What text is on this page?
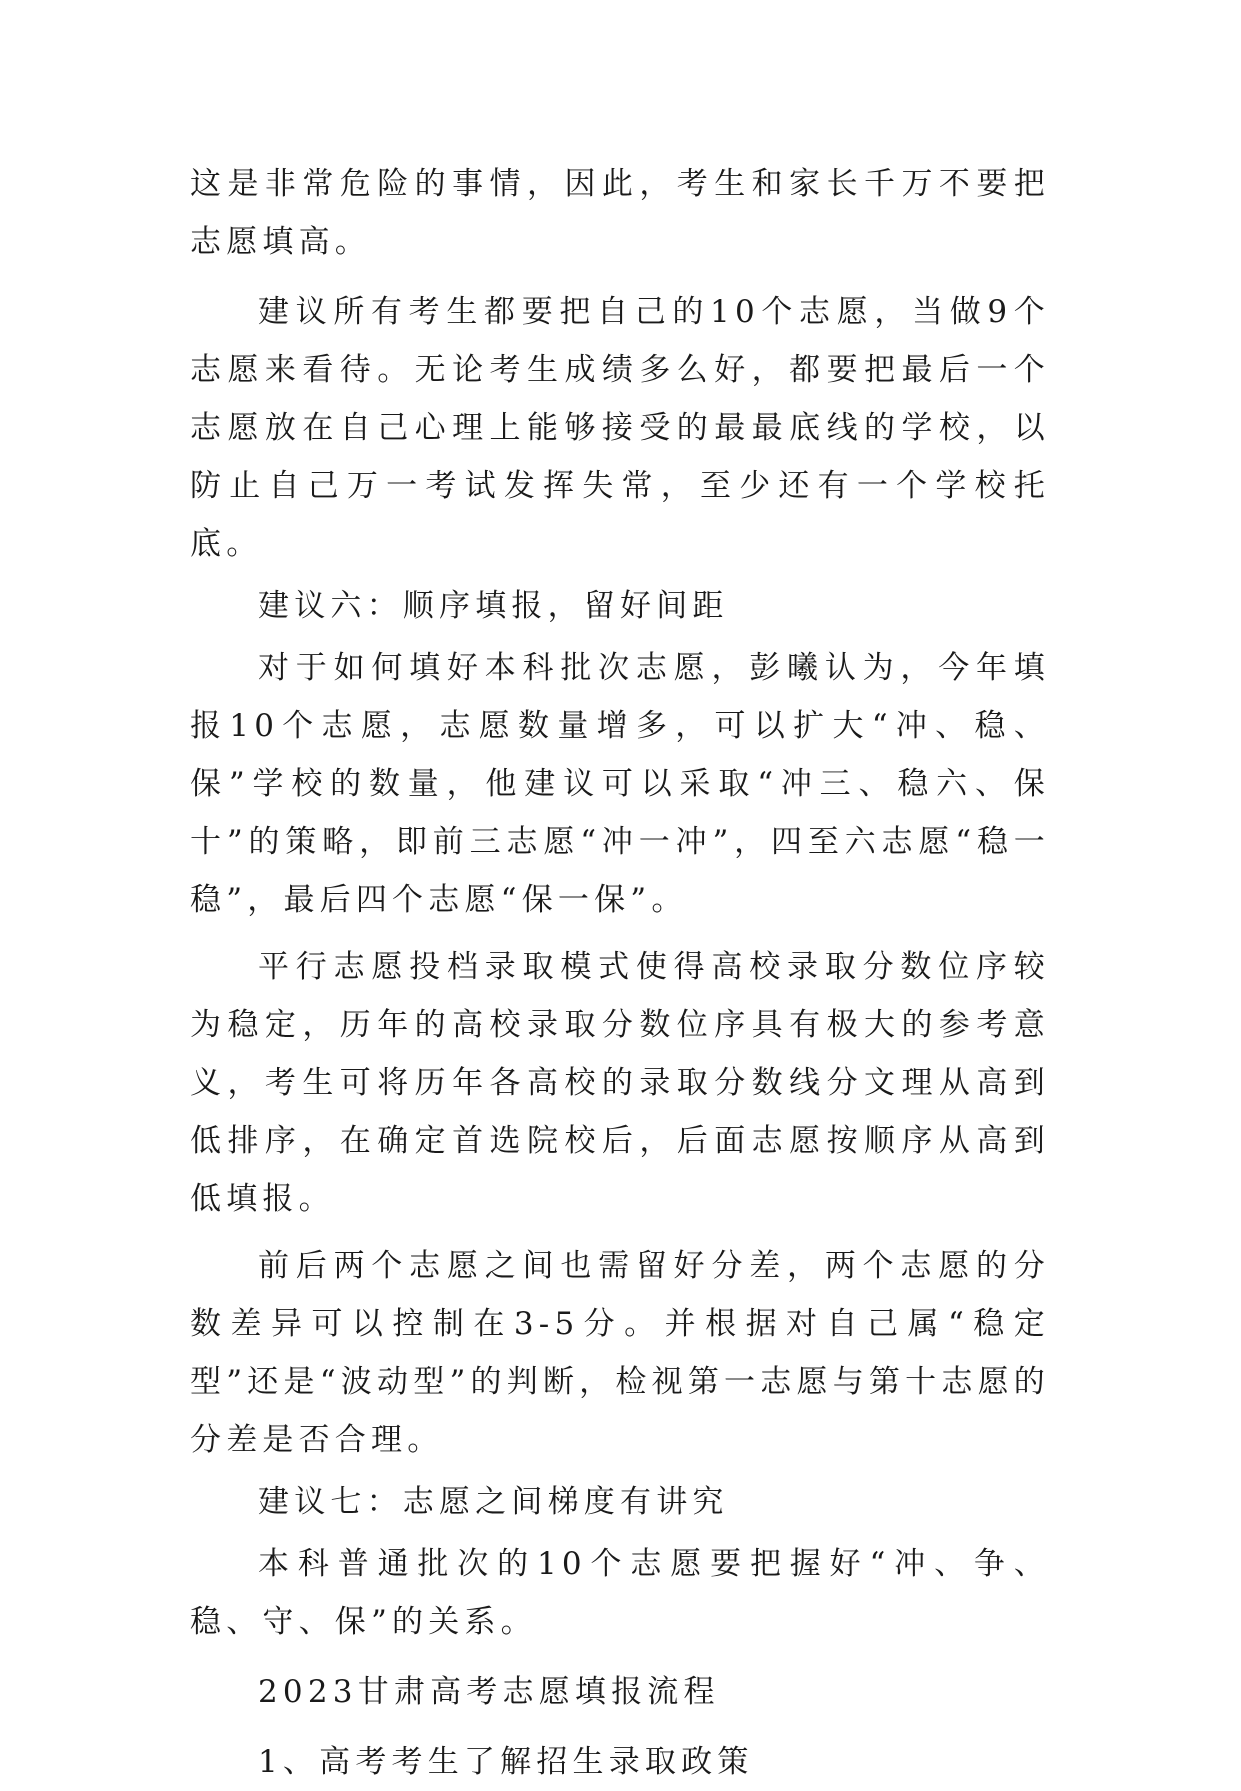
这是非常危险的事情，因此，考生和家长千万不要把志愿填高。

建议所有考生都要把自己的10个志愿，当做9个志愿来看待。无论考生成绩多么好，都要把最后一个志愿放在自己心理上能够接受的最最底线的学校，以防止自己万一考试发挥失常，至少还有一个学校托底。

建议六：顺序填报，留好间距

对于如何填好本科批次志愿，彭曦认为，今年填报10个志愿，志愿数量增多，可以扩大“冲、稳、保”学校的数量，他建议可以采取“冲三、稳六、保十”的策略，即前三志愿“冲一冲”，四至六志愿“稳一稳”，最后四个志愿“保一保”。

平行志愿投档录取模式使得高校录取分数位序较为稳定，历年的高校录取分数位序具有极大的参考意义，考生可将历年各高校的录取分数线分文理从高到低排序，在确定首选院校后，后面志愿按顺序从高到低填报。

前后两个志愿之间也需留好分差，两个志愿的分数差异可以控制在3-5分。并根据对自己属“稳定型”还是“波动型”的判断，检视第一志愿与第十志愿的分差是否合理。

建议七：志愿之间梯度有讲究

本科普通批次的10个志愿要把握好“冲、争、稳、守、保”的关系。

2023甘肃高考志愿填报流程

1、高考考生了解招生录取政策
